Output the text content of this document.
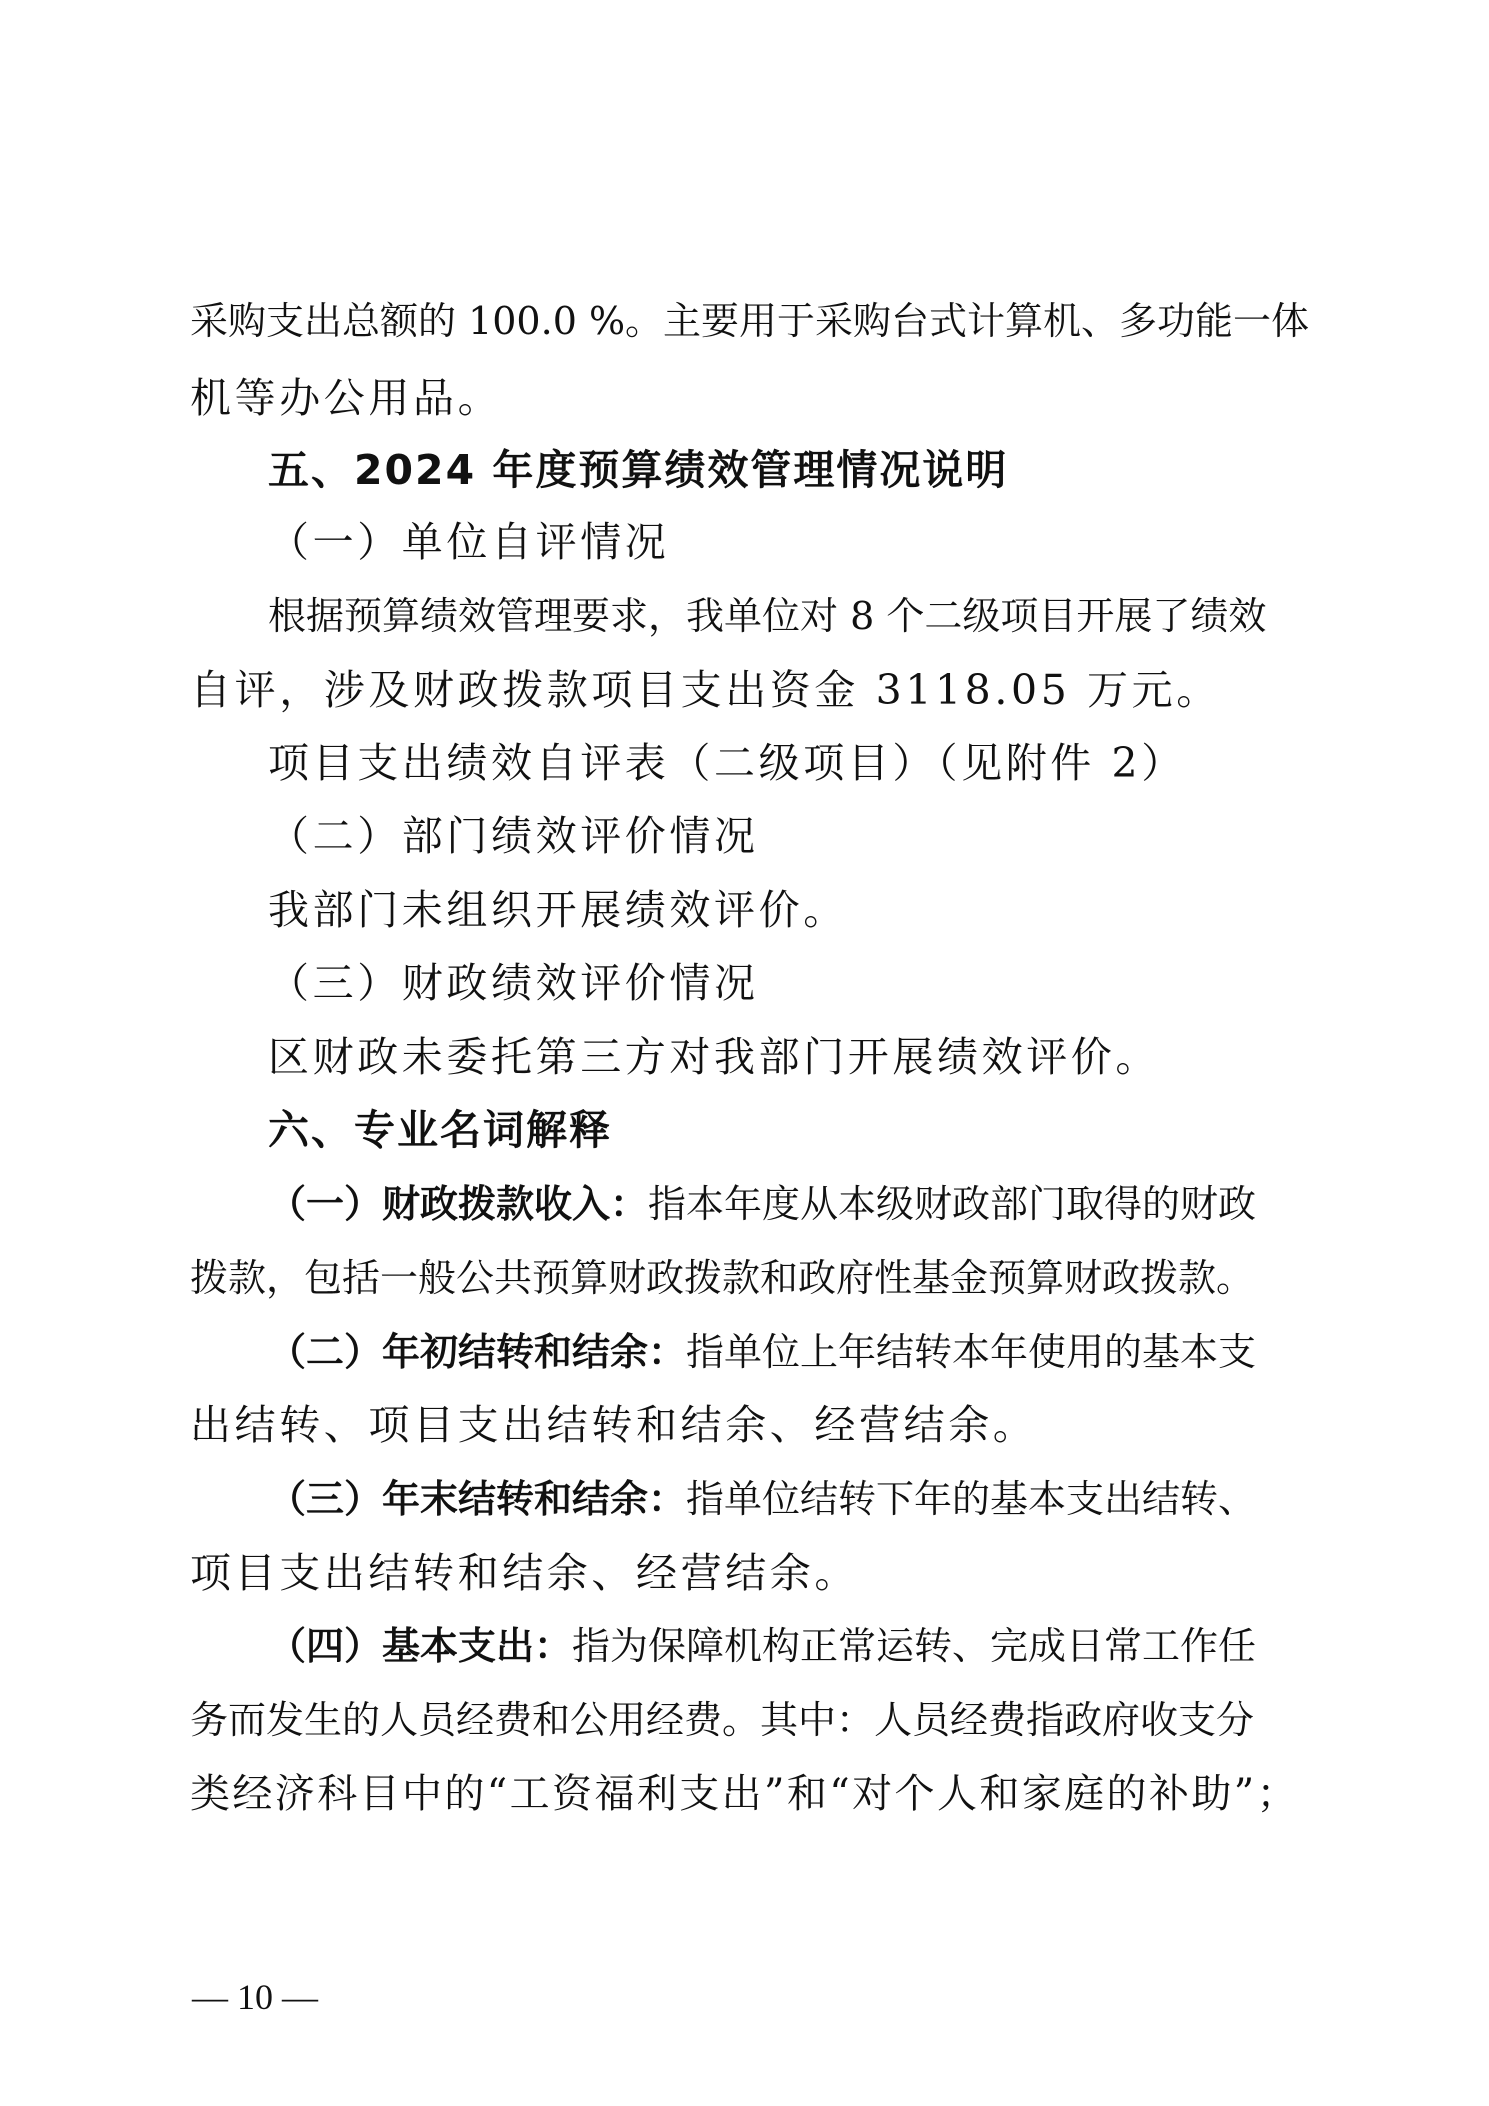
采购支出总额的 100.0 %。主要用于采购台式计算机、多功能一体
机等办公用品。
五、2024 年度预算绩效管理情况说明
（一）单位自评情况
根据预算绩效管理要求，我单位对 8 个二级项目开展了绩效
自评，涉及财政拨款项目支出资金 3118.05 万元。
项目支出绩效自评表（二级项目）（见附件 2）
（二）部门绩效评价情况
我部门未组织开展绩效评价。
（三）财政绩效评价情况
区财政未委托第三方对我部门开展绩效评价。
六、专业名词解释
（一）财政拨款收入：指本年度从本级财政部门取得的财政
拨款，包括一般公共预算财政拨款和政府性基金预算财政拨款。
（二）年初结转和结余：指单位上年结转本年使用的基本支
出结转、项目支出结转和结余、经营结余。
（三）年末结转和结余：指单位结转下年的基本支出结转、
项目支出结转和结余、经营结余。
（四）基本支出：指为保障机构正常运转、完成日常工作任
务而发生的人员经费和公用经费。其中：人员经费指政府收支分
类经济科目中的“工资福利支出”和“对个人和家庭的补助”；
— 10 —
